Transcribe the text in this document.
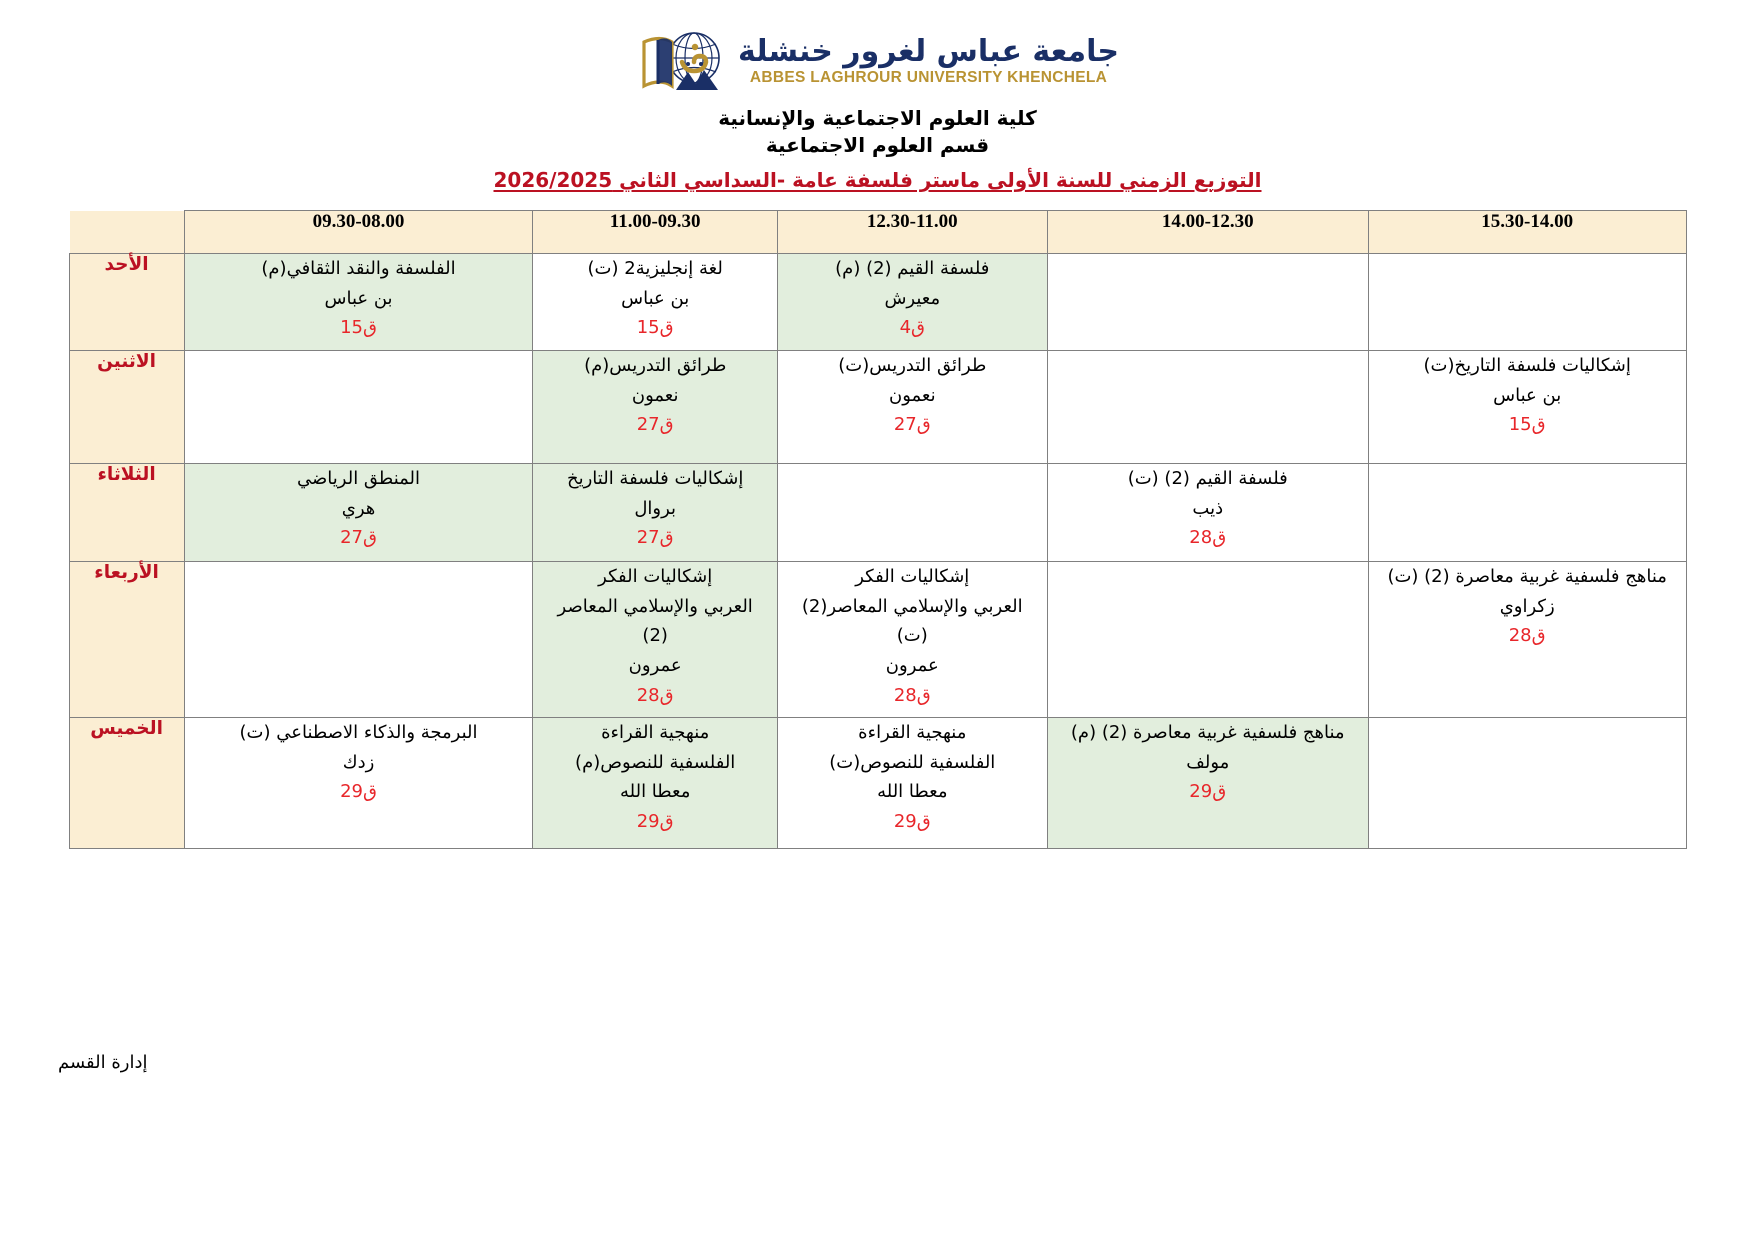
جامعة عباس لغرور خنشلة
ABBES LAGHROUR UNIVERSITY KHENCHELA
كلية العلوم الاجتماعية والإنسانية
قسم العلوم الاجتماعية
التوزيع الزمني للسنة الأولى ماستر فلسفة عامة -السداسي الثاني 2026/2025
15.30-14.00	14.00-12.30	12.30-11.00	11.00-09.30	09.30-08.00	

		فلسفة القيم (2) (م)
معيرش
ق4	لغة إنجليزية2 (ت)
بن عباس
ق15	الفلسفة والنقد الثقافي(م)
بن عباس
ق15	الأحد

إشكاليات فلسفة التاريخ(ت)
بن عباس
ق15		طرائق التدريس(ت)
نعمون
ق27	طرائق التدريس(م)
نعمون
ق27		الاثنين

	فلسفة القيم (2) (ت)
ذيب
ق28		إشكاليات فلسفة التاريخ
بروال
ق27	المنطق الرياضي
هري
ق27	الثلاثاء

مناهج فلسفية غربية معاصرة (2) (ت)
زكراوي
ق28		إشكاليات الفكر
العربي والإسلامي المعاصر(2)
(ت)
عمرون
ق28	إشكاليات الفكر
العربي والإسلامي المعاصر
(2)
عمرون
ق28		الأربعاء

	مناهج فلسفية غربية معاصرة (2) (م)
مولف
ق29	منهجية القراءة
الفلسفية للنصوص(ت)
معطا الله
ق29	منهجية القراءة
الفلسفية للنصوص(م)
معطا الله
ق29	البرمجة والذكاء الاصطناعي (ت)
زدك
ق29	الخميس
إدارة القسم
